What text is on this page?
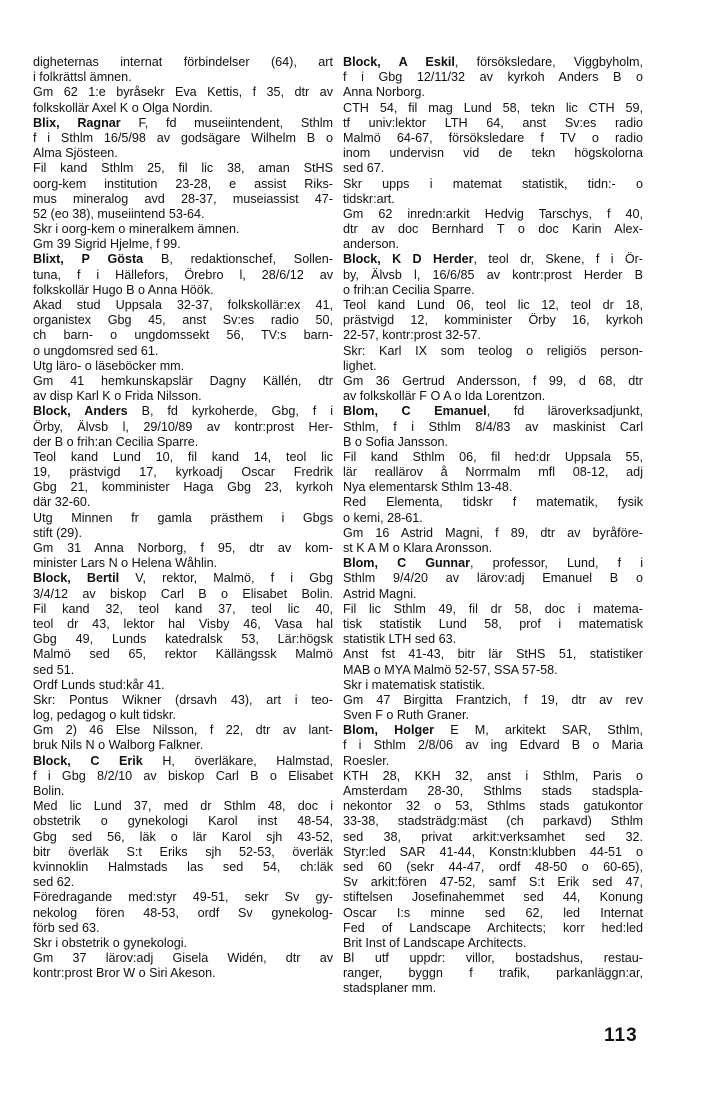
digheternas internat förbindelser (64), art
i folkrättsl ämnen.
Gm 62 1:e byråsekr Eva Kettis, f 35, dtr av
folkskollär Axel K o Olga Nordin.
Blix, Ragnar F, fd museiintendent, Sthlm
f i Sthlm 16/5/98 av godsägare Wilhelm B o
Alma Sjösteen.
Fil kand Sthlm 25, fil lic 38, aman StHS
oorg-kem institution 23-28, e assist Riks-
mus mineralog avd 28-37, museiassist 47-
52 (eo 38), museiintend 53-64.
Skr i oorg-kem o mineralkem ämnen.
Gm 39 Sigrid Hjelme, f 99.
Blixt, P Gösta B, redaktionschef, Sollen-
tuna, f i Hällefors, Örebro l, 28/6/12 av
folkskollär Hugo B o Anna Höök.
Akad stud Uppsala 32-37, folkskollär:ex 41,
organistex Gbg 45, anst Sv:es radio 50,
ch barn- o ungdomssekt 56, TV:s barn-
o ungdomsred sed 61.
Utg läro- o läseböcker mm.
Gm 41 hemkunskapslär Dagny Källén, dtr
av disp Karl K o Frida Nilsson.
Block, Anders B, fd kyrkoherde, Gbg, f i
Örby, Älvsb l, 29/10/89 av kontr:prost Her-
der B o frih:an Cecilia Sparre.
Teol kand Lund 10, fil kand 14, teol lic
19, prästvigd 17, kyrkoadj Oscar Fredrik
Gbg 21, komminister Haga Gbg 23, kyrkoh
där 32-60.
Utg Minnen fr gamla prästhem i Gbgs
stift (29).
Gm 31 Anna Norborg, f 95, dtr av kom-
minister Lars N o Helena Wåhlin.
Block, Bertil V, rektor, Malmö, f i Gbg
3/4/12 av biskop Carl B o Elisabet Bolin.
Fil kand 32, teol kand 37, teol lic 40,
teol dr 43, lektor hal Visby 46, Vasa hal
Gbg 49, Lunds katedralsk 53, Lär:högsk
Malmö sed 65, rektor Källängssk Malmö
sed 51.
Ordf Lunds stud:kår 41.
Skr: Pontus Wikner (drsavh 43), art i teo-
log, pedagog o kult tidskr.
Gm 2) 46 Else Nilsson, f 22, dtr av lant-
bruk Nils N o Walborg Falkner.
Block, C Erik H, överläkare, Halmstad,
f i Gbg 8/2/10 av biskop Carl B o Elisabet
Bolin.
Med lic Lund 37, med dr Sthlm 48, doc i
obstetrik o gynekologi Karol inst 48-54,
Gbg sed 56, läk o lär Karol sjh 43-52,
bitr överläk S:t Eriks sjh 52-53, överläk
kvinnoklin Halmstads las sed 54, ch:läk
sed 62.
Föredragande med:styr 49-51, sekr Sv gy-
nekolog fören 48-53, ordf Sv gynekolog-
förb sed 63.
Skr i obstetrik o gynekologi.
Gm 37 lärov:adj Gisela Widén, dtr av
kontr:prost Bror W o Siri Akeson.
Block, A Eskil, försöksledare, Viggbyholm,
f i Gbg 12/11/32 av kyrkoh Anders B o
Anna Norborg.
CTH 54, fil mag Lund 58, tekn lic CTH 59,
tf univ:lektor LTH 64, anst Sv:es radio
Malmö 64-67, försöksledare f TV o radio
inom undervisn vid de tekn högskolorna
sed 67.
Skr upps i matemat statistik, tidn:- o
tidskr:art.
Gm 62 inredn:arkit Hedvig Tarschys, f 40,
dtr av doc Bernhard T o doc Karin Alex-
anderson.
Block, K D Herder, teol dr, Skene, f i Ör-
by, Älvsb l, 16/6/85 av kontr:prost Herder B
o frih:an Cecilia Sparre.
Teol kand Lund 06, teol lic 12, teol dr 18,
prästvigd 12, komminister Örby 16, kyrkoh
22-57, kontr:prost 32-57.
Skr: Karl IX som teolog o religiös person-
lighet.
Gm 36 Gertrud Andersson, f 99, d 68, dtr
av folkskollär F O A o Ida Lorentzon.
Blom, C Emanuel, fd läroverksadjunkt,
Sthlm, f i Sthlm 8/4/83 av maskinist Carl
B o Sofia Jansson.
Fil kand Sthlm 06, fil hed:dr Uppsala 55,
lär reallärov å Norrmalm mfl 08-12, adj
Nya elementarsk Sthlm 13-48.
Red Elementa, tidskr f matematik, fysik
o kemi, 28-61.
Gm 16 Astrid Magni, f 89, dtr av byråföre-
st K A M o Klara Aronsson.
Blom, C Gunnar, professor, Lund, f i
Sthlm 9/4/20 av lärov:adj Emanuel B o
Astrid Magni.
Fil lic Sthlm 49, fil dr 58, doc i matema-
tisk statistik Lund 58, prof i matematisk
statistik LTH sed 63.
Anst fst 41-43, bitr lär StHS 51, statistiker
MAB o MYA Malmö 52-57, SSA 57-58.
Skr i matematisk statistik.
Gm 47 Birgitta Frantzich, f 19, dtr av rev
Sven F o Ruth Graner.
Blom, Holger E M, arkitekt SAR, Sthlm,
f i Sthlm 2/8/06 av ing Edvard B o Maria
Roesler.
KTH 28, KKH 32, anst i Sthlm, Paris o
Amsterdam 28-30, Sthlms stads stadspla-
nekontor 32 o 53, Sthlms stads gatukontor
33-38, stadsträdg:mäst (ch parkavd) Sthlm
sed 38, privat arkit:verksamhet sed 32.
Styr:led SAR 41-44, Konstn:klubben 44-51 o
sed 60 (sekr 44-47, ordf 48-50 o 60-65),
Sv arkit:fören 47-52, samf S:t Erik sed 47,
stiftelsen Josefinahemmet sed 44, Konung
Oscar I:s minne sed 62, led Internat
Fed of Landscape Architects; korr hed:led
Brit Inst of Landscape Architects.
Bl utf uppdr: villor, bostadshus, restau-
ranger, byggn f trafik, parkanläggn:ar,
stadsplaner mm.
113
